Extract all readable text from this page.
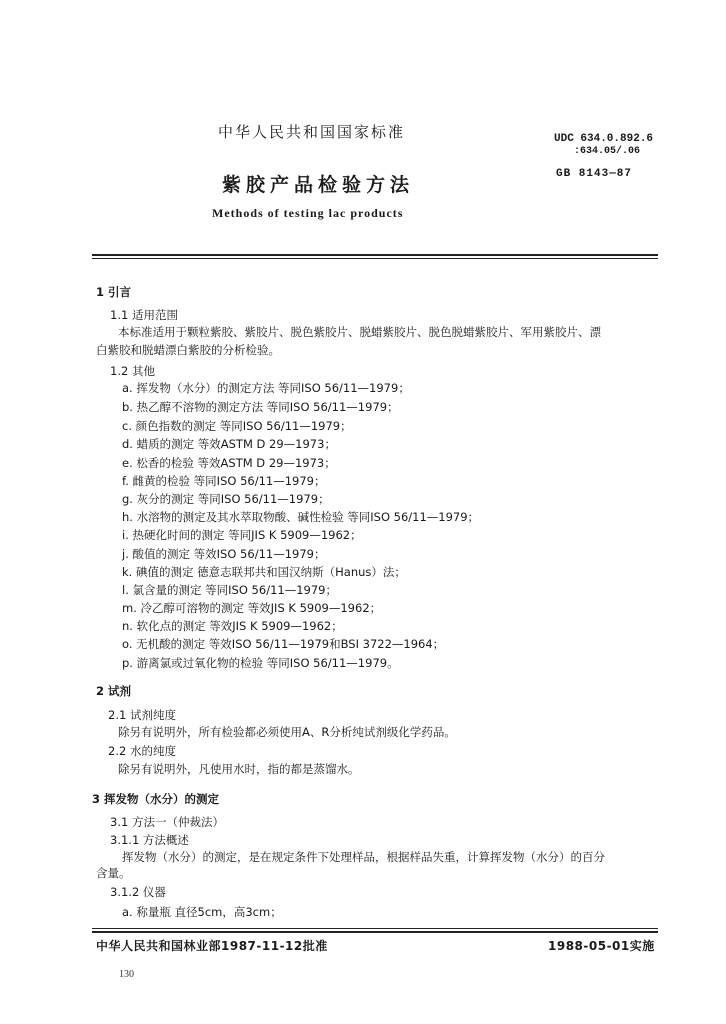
中华人民共和国国家标准
紫胶产品检验方法
Methods of testing lac products
UDC 634.0.892.6
:634.05/.06
GB 8143—87
1 引言
1.1 适用范围
本标准适用于颗粒紫胶、紫胶片、脱色紫胶片、脱蜡紫胶片、脱色脱蜡紫胶片、军用紫胶片、漂
白紫胶和脱蜡漂白紫胶的分析检验。
1.2 其他
a. 挥发物（水分）的测定方法 等同ISO 56/11—1979；
b. 热乙醇不溶物的测定方法 等同ISO 56/11—1979；
c. 颜色指数的测定 等同ISO 56/11—1979；
d. 蜡质的测定 等效ASTM D 29—1973；
e. 松香的检验 等效ASTM D 29—1973；
f. 雌黄的检验 等同ISO 56/11—1979；
g. 灰分的测定 等同ISO 56/11—1979；
h. 水溶物的测定及其水萃取物酸、碱性检验 等同ISO 56/11—1979；
i. 热硬化时间的测定 等同JIS K 5909—1962；
j. 酸值的测定 等效ISO 56/11—1979；
k. 碘值的测定 德意志联邦共和国汉纳斯（Hanus）法；
l. 氯含量的测定 等同ISO 56/11—1979；
m. 冷乙醇可溶物的测定 等效JIS K 5909—1962；
n. 软化点的测定 等效JIS K 5909—1962；
o. 无机酸的测定 等效ISO 56/11—1979和BSI 3722—1964；
p. 游离氯或过氧化物的检验 等同ISO 56/11—1979。
2 试剂
2.1 试剂纯度
除另有说明外，所有检验都必须使用A、R分析纯试剂级化学药品。
2.2 水的纯度
除另有说明外，凡使用水时，指的都是蒸馏水。
3 挥发物（水分）的测定
3.1 方法一（仲裁法）
3.1.1 方法概述
挥发物（水分）的测定，是在规定条件下处理样品，根据样品失重，计算挥发物（水分）的百分
含量。
3.1.2 仪器
a. 称量瓶 直径5cm，高3cm；
中华人民共和国林业部1987-11-12批准	1988-05-01实施
130
